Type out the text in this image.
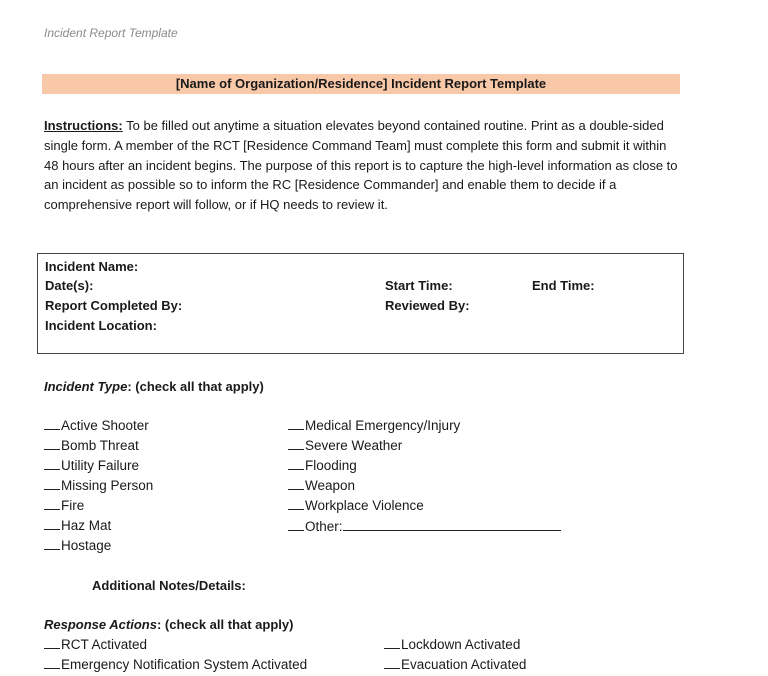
Incident Report Template
[Name of Organization/Residence] Incident Report Template
Instructions: To be filled out anytime a situation elevates beyond contained routine. Print as a double-sided single form. A member of the RCT [Residence Command Team] must complete this form and submit it within 48 hours after an incident begins. The purpose of this report is to capture the high-level information as close to an incident as possible so to inform the RC [Residence Commander] and enable them to decide if a comprehensive report will follow, or if HQ needs to review it.
Incident Name:
Date(s):	Start Time:	End Time:
Report Completed By:	Reviewed By:
Incident Location:
Incident Type: (check all that apply)
Active Shooter
Bomb Threat
Utility Failure
Missing Person
Fire
Haz Mat
Hostage
Medical Emergency/Injury
Severe Weather
Flooding
Weapon
Workplace Violence
Other:
Additional Notes/Details:
Response Actions: (check all that apply)
RCT Activated
Emergency Notification System Activated
Lockdown Activated
Evacuation Activated
